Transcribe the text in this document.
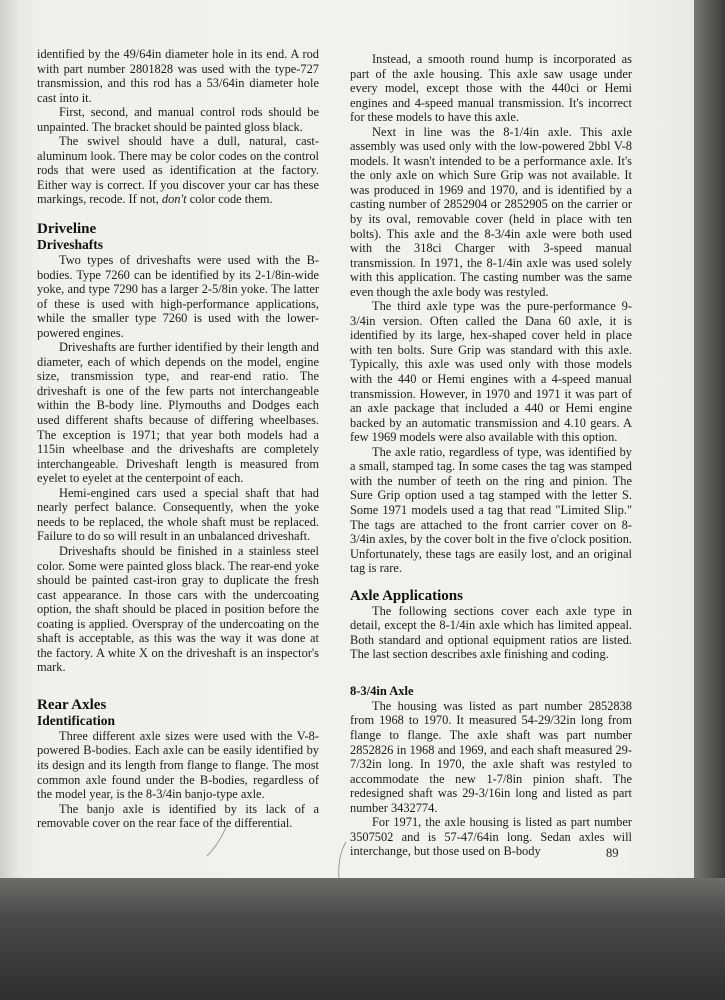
identified by the 49/64in diameter hole in its end. A rod with part number 2801828 was used with the type-727 transmission, and this rod has a 53/64in diameter hole cast into it.

First, second, and manual control rods should be unpainted. The bracket should be painted gloss black.

The swivel should have a dull, natural, cast-aluminum look. There may be color codes on the control rods that were used as identification at the factory. Either way is correct. If you discover your car has these markings, recode. If not, don't color code them.

Driveline
Driveshafts

Two types of driveshafts were used with the B-bodies. Type 7260 can be identified by its 2-1/8in-wide yoke, and type 7290 has a larger 2-5/8in yoke. The latter of these is used with high-performance applications, while the smaller type 7260 is used with the lower-powered engines.

Driveshafts are further identified by their length and diameter, each of which depends on the model, engine size, transmission type, and rear-end ratio. The driveshaft is one of the few parts not interchangeable within the B-body line. Plymouths and Dodges each used different shafts because of differing wheelbases. The exception is 1971; that year both models had a 115in wheelbase and the driveshafts are completely interchangeable. Driveshaft length is measured from eyelet to eyelet at the centerpoint of each.

Hemi-engined cars used a special shaft that had nearly perfect balance. Consequently, when the yoke needs to be replaced, the whole shaft must be replaced. Failure to do so will result in an unbalanced driveshaft.

Driveshafts should be finished in a stainless steel color. Some were painted gloss black. The rear-end yoke should be painted cast-iron gray to duplicate the fresh cast appearance. In those cars with the undercoating option, the shaft should be placed in position before the coating is applied. Overspray of the undercoating on the shaft is acceptable, as this was the way it was done at the factory. A white X on the driveshaft is an inspector's mark.

Rear Axles
Identification

Three different axle sizes were used with the V-8-powered B-bodies. Each axle can be easily identified by its design and its length from flange to flange. The most common axle found under the B-bodies, regardless of the model year, is the 8-3/4in banjo-type axle.

The banjo axle is identified by its lack of a removable cover on the rear face of the differential.

Instead, a smooth round hump is incorporated as part of the axle housing. This axle saw usage under every model, except those with the 440ci or Hemi engines and 4-speed manual transmission. It's incorrect for these models to have this axle.

Next in line was the 8-1/4in axle. This axle assembly was used only with the low-powered 2bbl V-8 models. It wasn't intended to be a performance axle. It's the only axle on which Sure Grip was not available. It was produced in 1969 and 1970, and is identified by a casting number of 2852904 or 2852905 on the carrier or by its oval, removable cover (held in place with ten bolts). This axle and the 8-3/4in axle were both used with the 318ci Charger with 3-speed manual transmission. In 1971, the 8-1/4in axle was used solely with this application. The casting number was the same even though the axle body was restyled.

The third axle type was the pure-performance 9-3/4in version. Often called the Dana 60 axle, it is identified by its large, hex-shaped cover held in place with ten bolts. Sure Grip was standard with this axle. Typically, this axle was used only with those models with the 440 or Hemi engines with a 4-speed manual transmission. However, in 1970 and 1971 it was part of an axle package that included a 440 or Hemi engine backed by an automatic transmission and 4.10 gears. A few 1969 models were also available with this option.

The axle ratio, regardless of type, was identified by a small, stamped tag. In some cases the tag was stamped with the number of teeth on the ring and pinion. The Sure Grip option used a tag stamped with the letter S. Some 1971 models used a tag that read "Limited Slip." The tags are attached to the front carrier cover on 8-3/4in axles, by the cover bolt in the five o'clock position. Unfortunately, these tags are easily lost, and an original tag is rare.

Axle Applications

The following sections cover each axle type in detail, except the 8-1/4in axle which has limited appeal. Both standard and optional equipment ratios are listed. The last section describes axle finishing and coding.

8-3/4in Axle

The housing was listed as part number 2852838 from 1968 to 1970. It measured 54-29/32in long from flange to flange. The axle shaft was part number 2852826 in 1968 and 1969, and each shaft measured 29-7/32in long. In 1970, the axle shaft was restyled to accommodate the new 1-7/8in pinion shaft. The redesigned shaft was 29-3/16in long and listed as part number 3432774.

For 1971, the axle housing is listed as part number 3507502 and is 57-47/64in long. Sedan axles will interchange, but those used on B-body	89
